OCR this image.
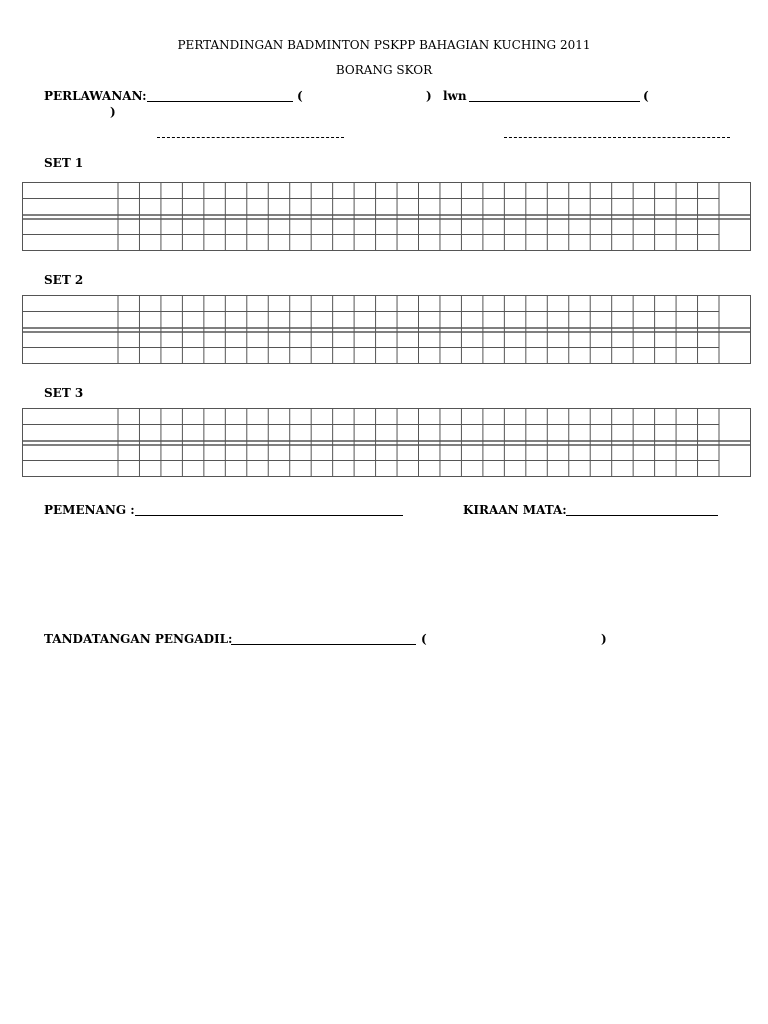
PERTANDINGAN BADMINTON PSKPP BAHAGIAN KUCHING 2011
BORANG SKOR
PERLAWANAN:	(	) lwn	(
)
SET 1
SET 2
SET 3
PEMENANG :	KIRAAN MATA:
TANDATANGAN PENGADIL:	(	)
